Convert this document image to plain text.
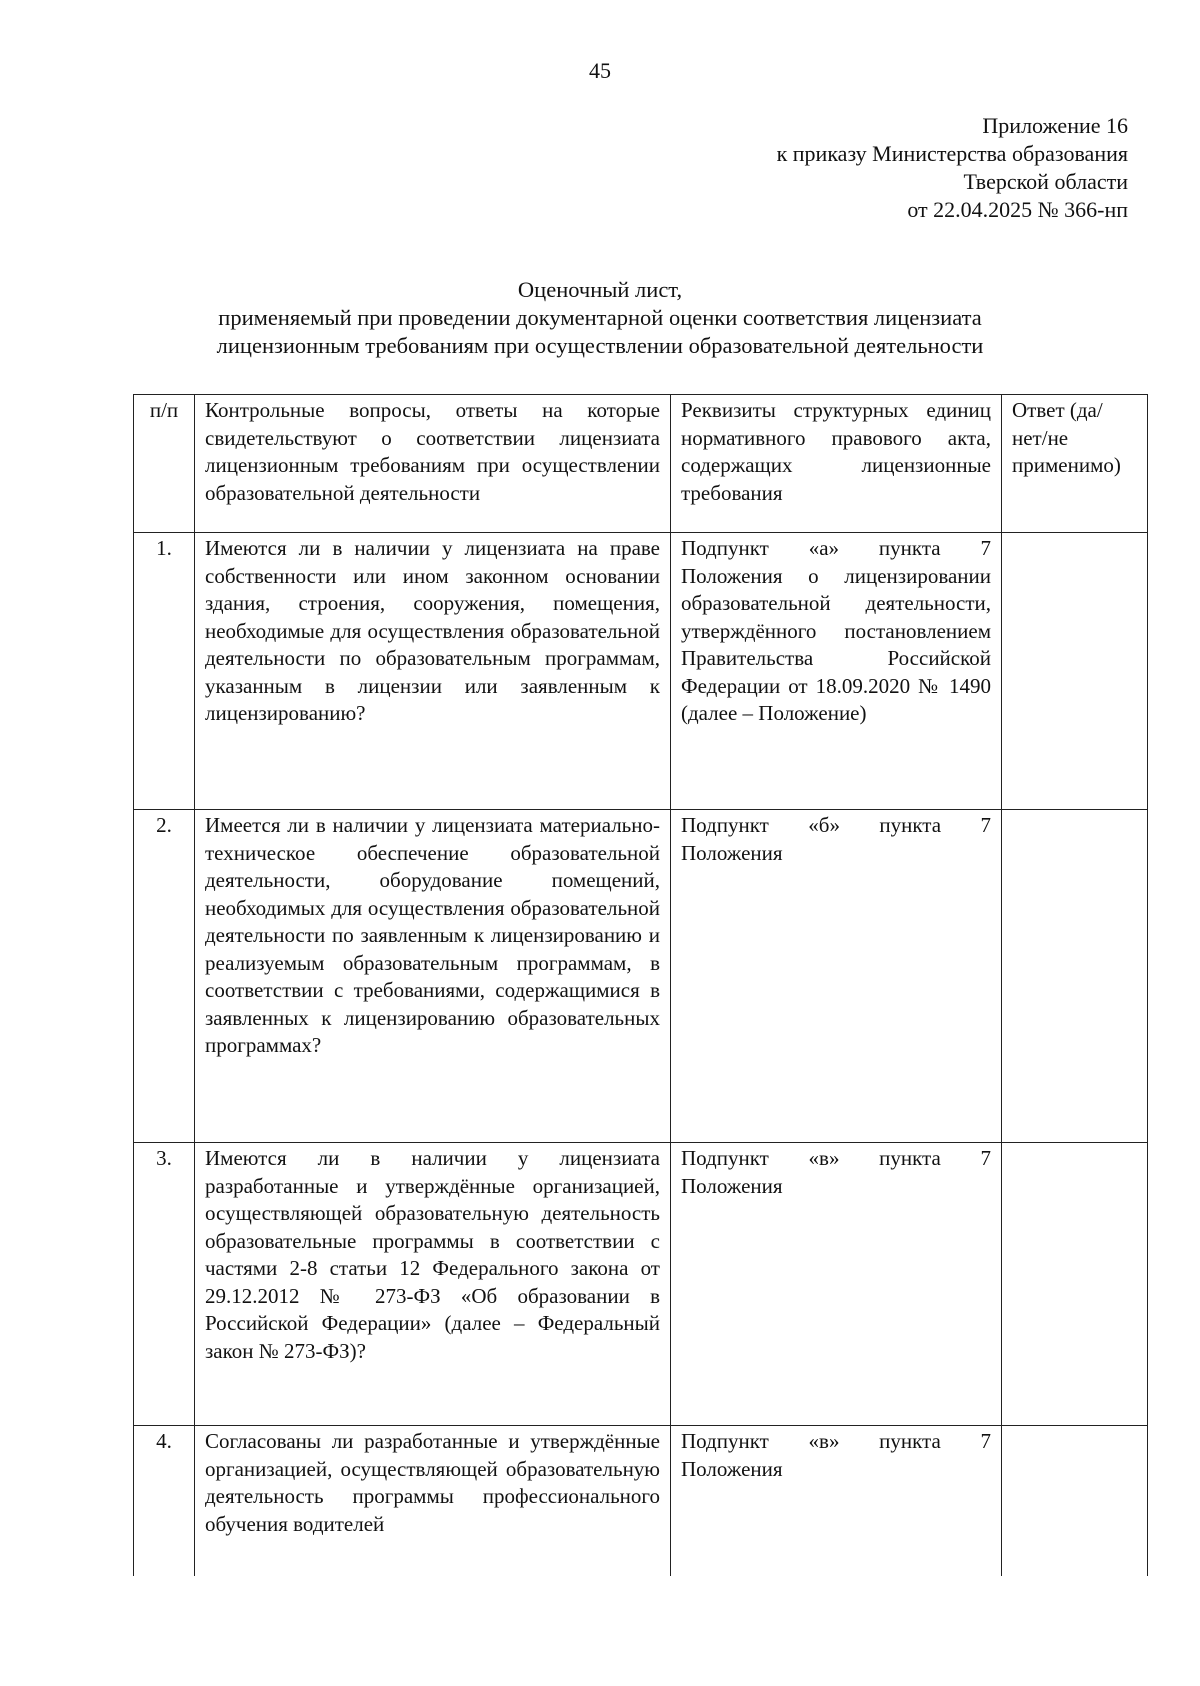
45
Приложение 16
к приказу Министерства образования
Тверской области
от 22.04.2025 № 366-нп
Оценочный лист,
применяемый при проведении документарной оценки соответствия лицензиата
лицензионным требованиям при осуществлении образовательной деятельности
п/п	Контрольные вопросы, ответы на которые свидетельствуют о соответствии лицензиата лицензионным требованиям при осуществлении образовательной деятельности	Реквизиты структурных единиц нормативного правового акта, содержащих лицензионные требования	Ответ (да/нет/не применимо)
1.	Имеются ли в наличии у лицензиата на праве собственности или ином законном основании здания, строения, сооружения, помещения, необходимые для осуществления образовательной деятельности по образовательным программам, указанным в лицензии или заявленным к лицензированию?	Подпункт «а» пункта 7 Положения о лицензировании образовательной деятельности, утверждённого постановлением Правительства Российской Федерации от 18.09.2020 № 1490 (далее – Положение)	
2.	Имеется ли в наличии у лицензиата материально-техническое обеспечение образовательной деятельности, оборудование помещений, необходимых для осуществления образовательной деятельности по заявленным к лицензированию и реализуемым образовательным программам, в соответствии с требованиями, содержащимися в заявленных к лицензированию образовательных программах?	Подпункт «б» пункта 7 Положения	
3.	Имеются ли в наличии у лицензиата разработанные и утверждённые организацией, осуществляющей образовательную деятельность образовательные программы в соответствии с частями 2-8 статьи 12 Федерального закона от 29.12.2012 № 273-ФЗ «Об образовании в Российской Федерации» (далее – Федеральный закон № 273-ФЗ)?	Подпункт «в» пункта 7 Положения	
4.	Согласованы ли разработанные и утверждённые организацией, осуществляющей образовательную деятельность программы профессионального обучения водителей	Подпункт «в» пункта 7 Положения	
